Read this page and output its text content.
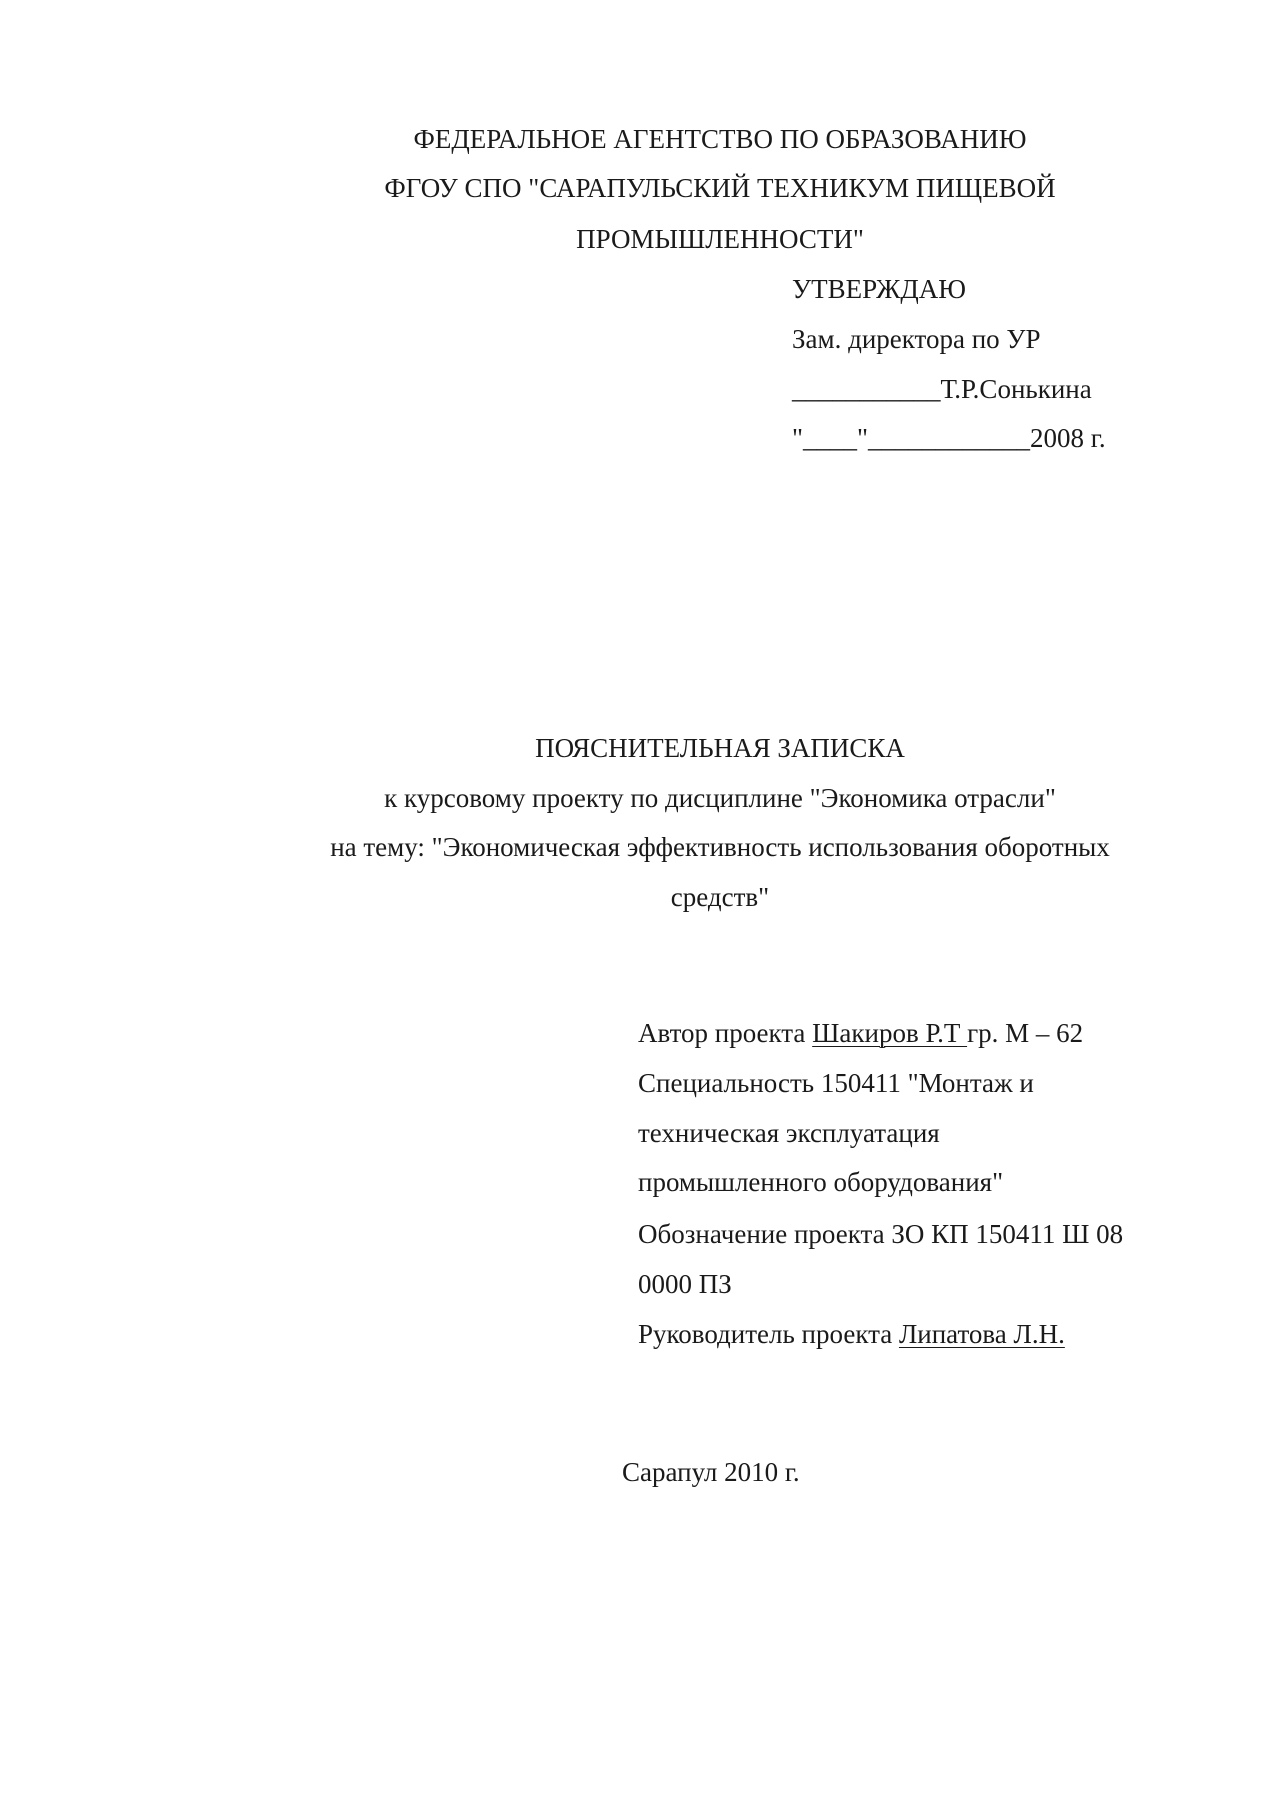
ФЕДЕРАЛЬНОЕ АГЕНТСТВО ПО ОБРАЗОВАНИЮ
ФГОУ СПО "САРАПУЛЬСКИЙ ТЕХНИКУМ ПИЩЕВОЙ
ПРОМЫШЛЕННОСТИ"
УТВЕРЖДАЮ
Зам. директора по УР
___________Т.Р.Сонькина
"____"____________2008 г.
ПОЯСНИТЕЛЬНАЯ ЗАПИСКА
к курсовому проекту по дисциплине "Экономика отрасли"
на тему: "Экономическая эффективность использования оборотных
средств"
Автор проекта Шакиров Р.Т гр. М – 62
Специальность 150411 "Монтаж и
техническая эксплуатация
промышленного оборудования"
Обозначение проекта ЗО КП 150411 Ш 08
0000 ПЗ
Руководитель проекта Липатова Л.Н.
Сарапул 2010 г.
